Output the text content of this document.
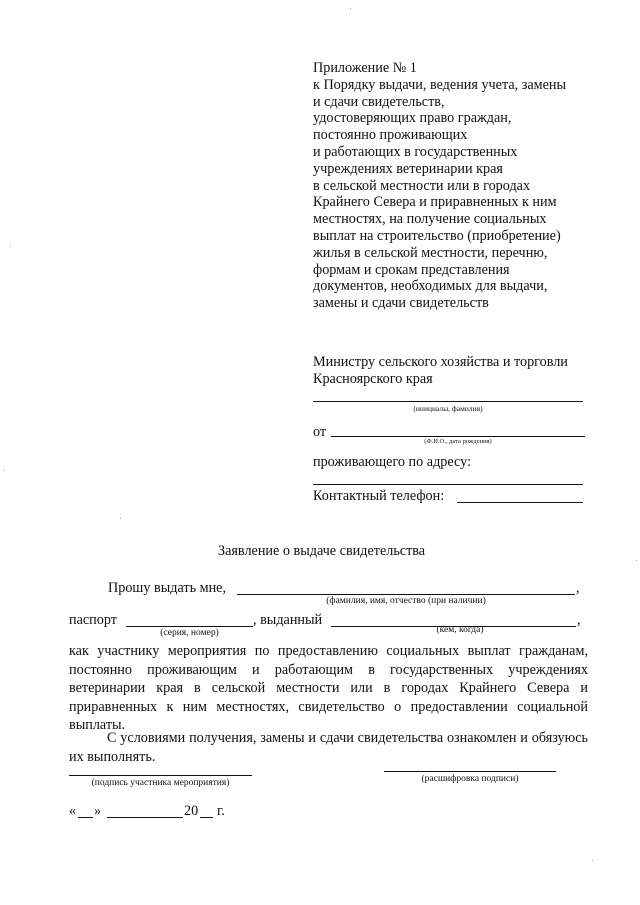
Приложение № 1
к Порядку выдачи, ведения учета, замены
и сдачи свидетельств,
удостоверяющих право граждан,
постоянно проживающих
и работающих в государственных
учреждениях ветеринарии края
в сельской местности или в городах
Крайнего Севера и приравненных к ним
местностях, на получение социальных
выплат на строительство (приобретение)
жилья в сельской местности, перечню,
формам и срокам представления
документов, необходимых для выдачи,
замены и сдачи свидетельств
Министру сельского хозяйства и торговли
Красноярского края
(инициалы, фамилия)
от
(Ф.И.О., дата рождения)
проживающего по адресу:
Контактный телефон:
Заявление о выдаче свидетельства
Прошу выдать мне,	,
(фамилия, имя, отчество (при наличии)
паспорт	, выданный	,
(серия, номер)	(кем, когда)
как участнику мероприятия по предоставлению социальных выплат гражданам, постоянно проживающим и работающим в государственных учреждениях ветеринарии края в сельской местности или в городах Крайнего Севера и приравненных к ним местностях, свидетельство о предоставлении социальной выплаты.
С условиями получения, замены и сдачи свидетельства ознакомлен и обязуюсь их выполнять.
(подпись участника мероприятия)	(расшифровка подписи)
« »	20 г.
